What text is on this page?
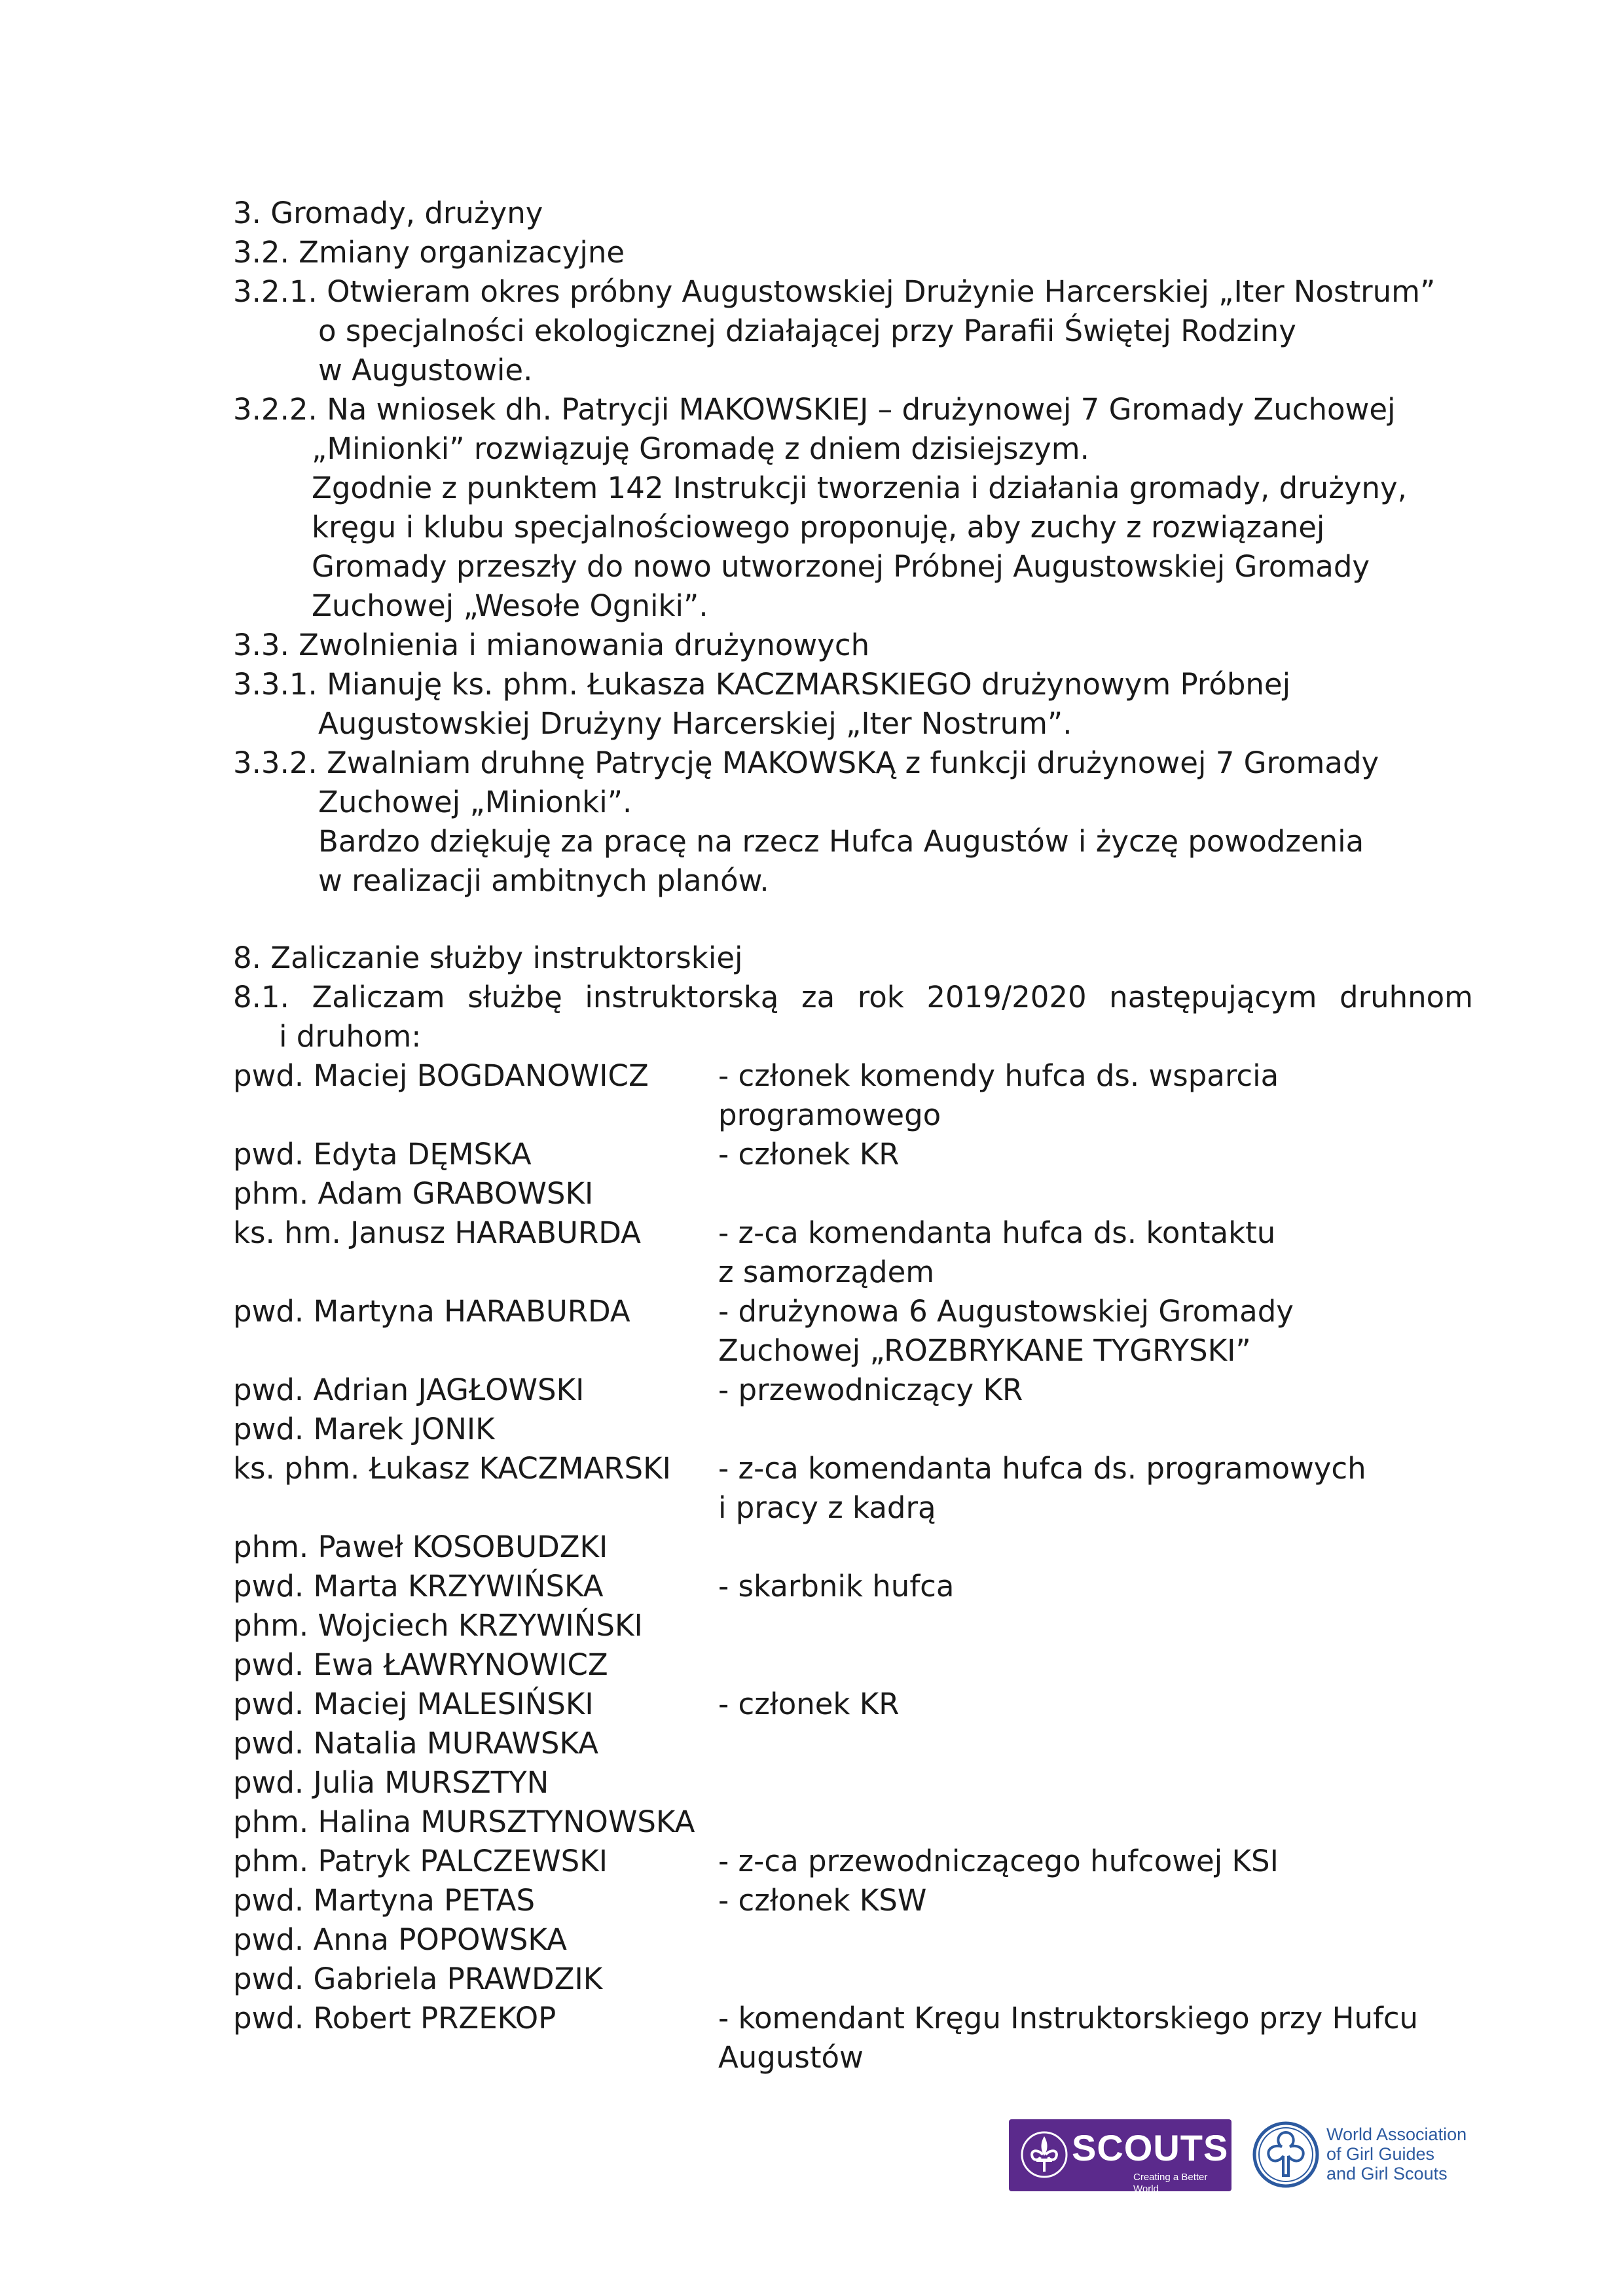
3. Gromady, drużyny
3.2. Zmiany organizacyjne
3.2.1. Otwieram okres próbny Augustowskiej Drużynie Harcerskiej „Iter Nostrum”
o specjalności ekologicznej działającej przy Parafii Świętej Rodziny
w Augustowie.
3.2.2. Na wniosek dh. Patrycji MAKOWSKIEJ – drużynowej 7 Gromady Zuchowej
„Minionki” rozwiązuję Gromadę z dniem dzisiejszym.
Zgodnie z punktem 142 Instrukcji tworzenia i działania gromady, drużyny,
kręgu i klubu specjalnościowego proponuję, aby zuchy z rozwiązanej
Gromady przeszły do nowo utworzonej Próbnej Augustowskiej Gromady
Zuchowej „Wesołe Ogniki”.
3.3. Zwolnienia i mianowania drużynowych
3.3.1. Mianuję ks. phm. Łukasza KACZMARSKIEGO drużynowym Próbnej
Augustowskiej Drużyny Harcerskiej „Iter Nostrum”.
3.3.2. Zwalniam druhnę Patrycję MAKOWSKĄ z funkcji drużynowej 7 Gromady
Zuchowej „Minionki”.
Bardzo dziękuję za pracę na rzecz Hufca Augustów i życzę powodzenia
w realizacji ambitnych planów.
8. Zaliczanie służby instruktorskiej
8.1. Zaliczam służbę instruktorską za rok 2019/2020 następującym druhnom
i druhom:
pwd. Maciej BOGDANOWICZ - członek komendy hufca ds. wsparcia
programowego
pwd. Edyta DĘMSKA	- członek KR
phm. Adam GRABOWSKI
ks. hm. Janusz HARABURDA	- z-ca komendanta hufca ds. kontaktu
z samorządem
pwd. Martyna HARABURDA	- drużynowa 6 Augustowskiej Gromady
Zuchowej „ROZBRYKANE TYGRYSKI”
pwd. Adrian JAGŁOWSKI	- przewodniczący KR
pwd. Marek JONIK
ks. phm. Łukasz KACZMARSKI - z-ca komendanta hufca ds. programowych
i pracy z kadrą
phm. Paweł KOSOBUDZKI
pwd. Marta KRZYWIŃSKA	- skarbnik hufca
phm. Wojciech KRZYWIŃSKI
pwd. Ewa ŁAWRYNOWICZ
pwd. Maciej MALESIŃSKI	- członek KR
pwd. Natalia MURAWSKA
pwd. Julia MURSZTYN
phm. Halina MURSZTYNOWSKA
phm. Patryk PALCZEWSKI	- z-ca przewodniczącego hufcowej KSI
pwd. Martyna PETAS	- członek KSW
pwd. Anna POPOWSKA
pwd. Gabriela PRAWDZIK
pwd. Robert PRZEKOP	- komendant Kręgu Instruktorskiego przy Hufcu
Augustów
SCOUTS
Creating a Better World
World Association
of Girl Guides
and Girl Scouts
